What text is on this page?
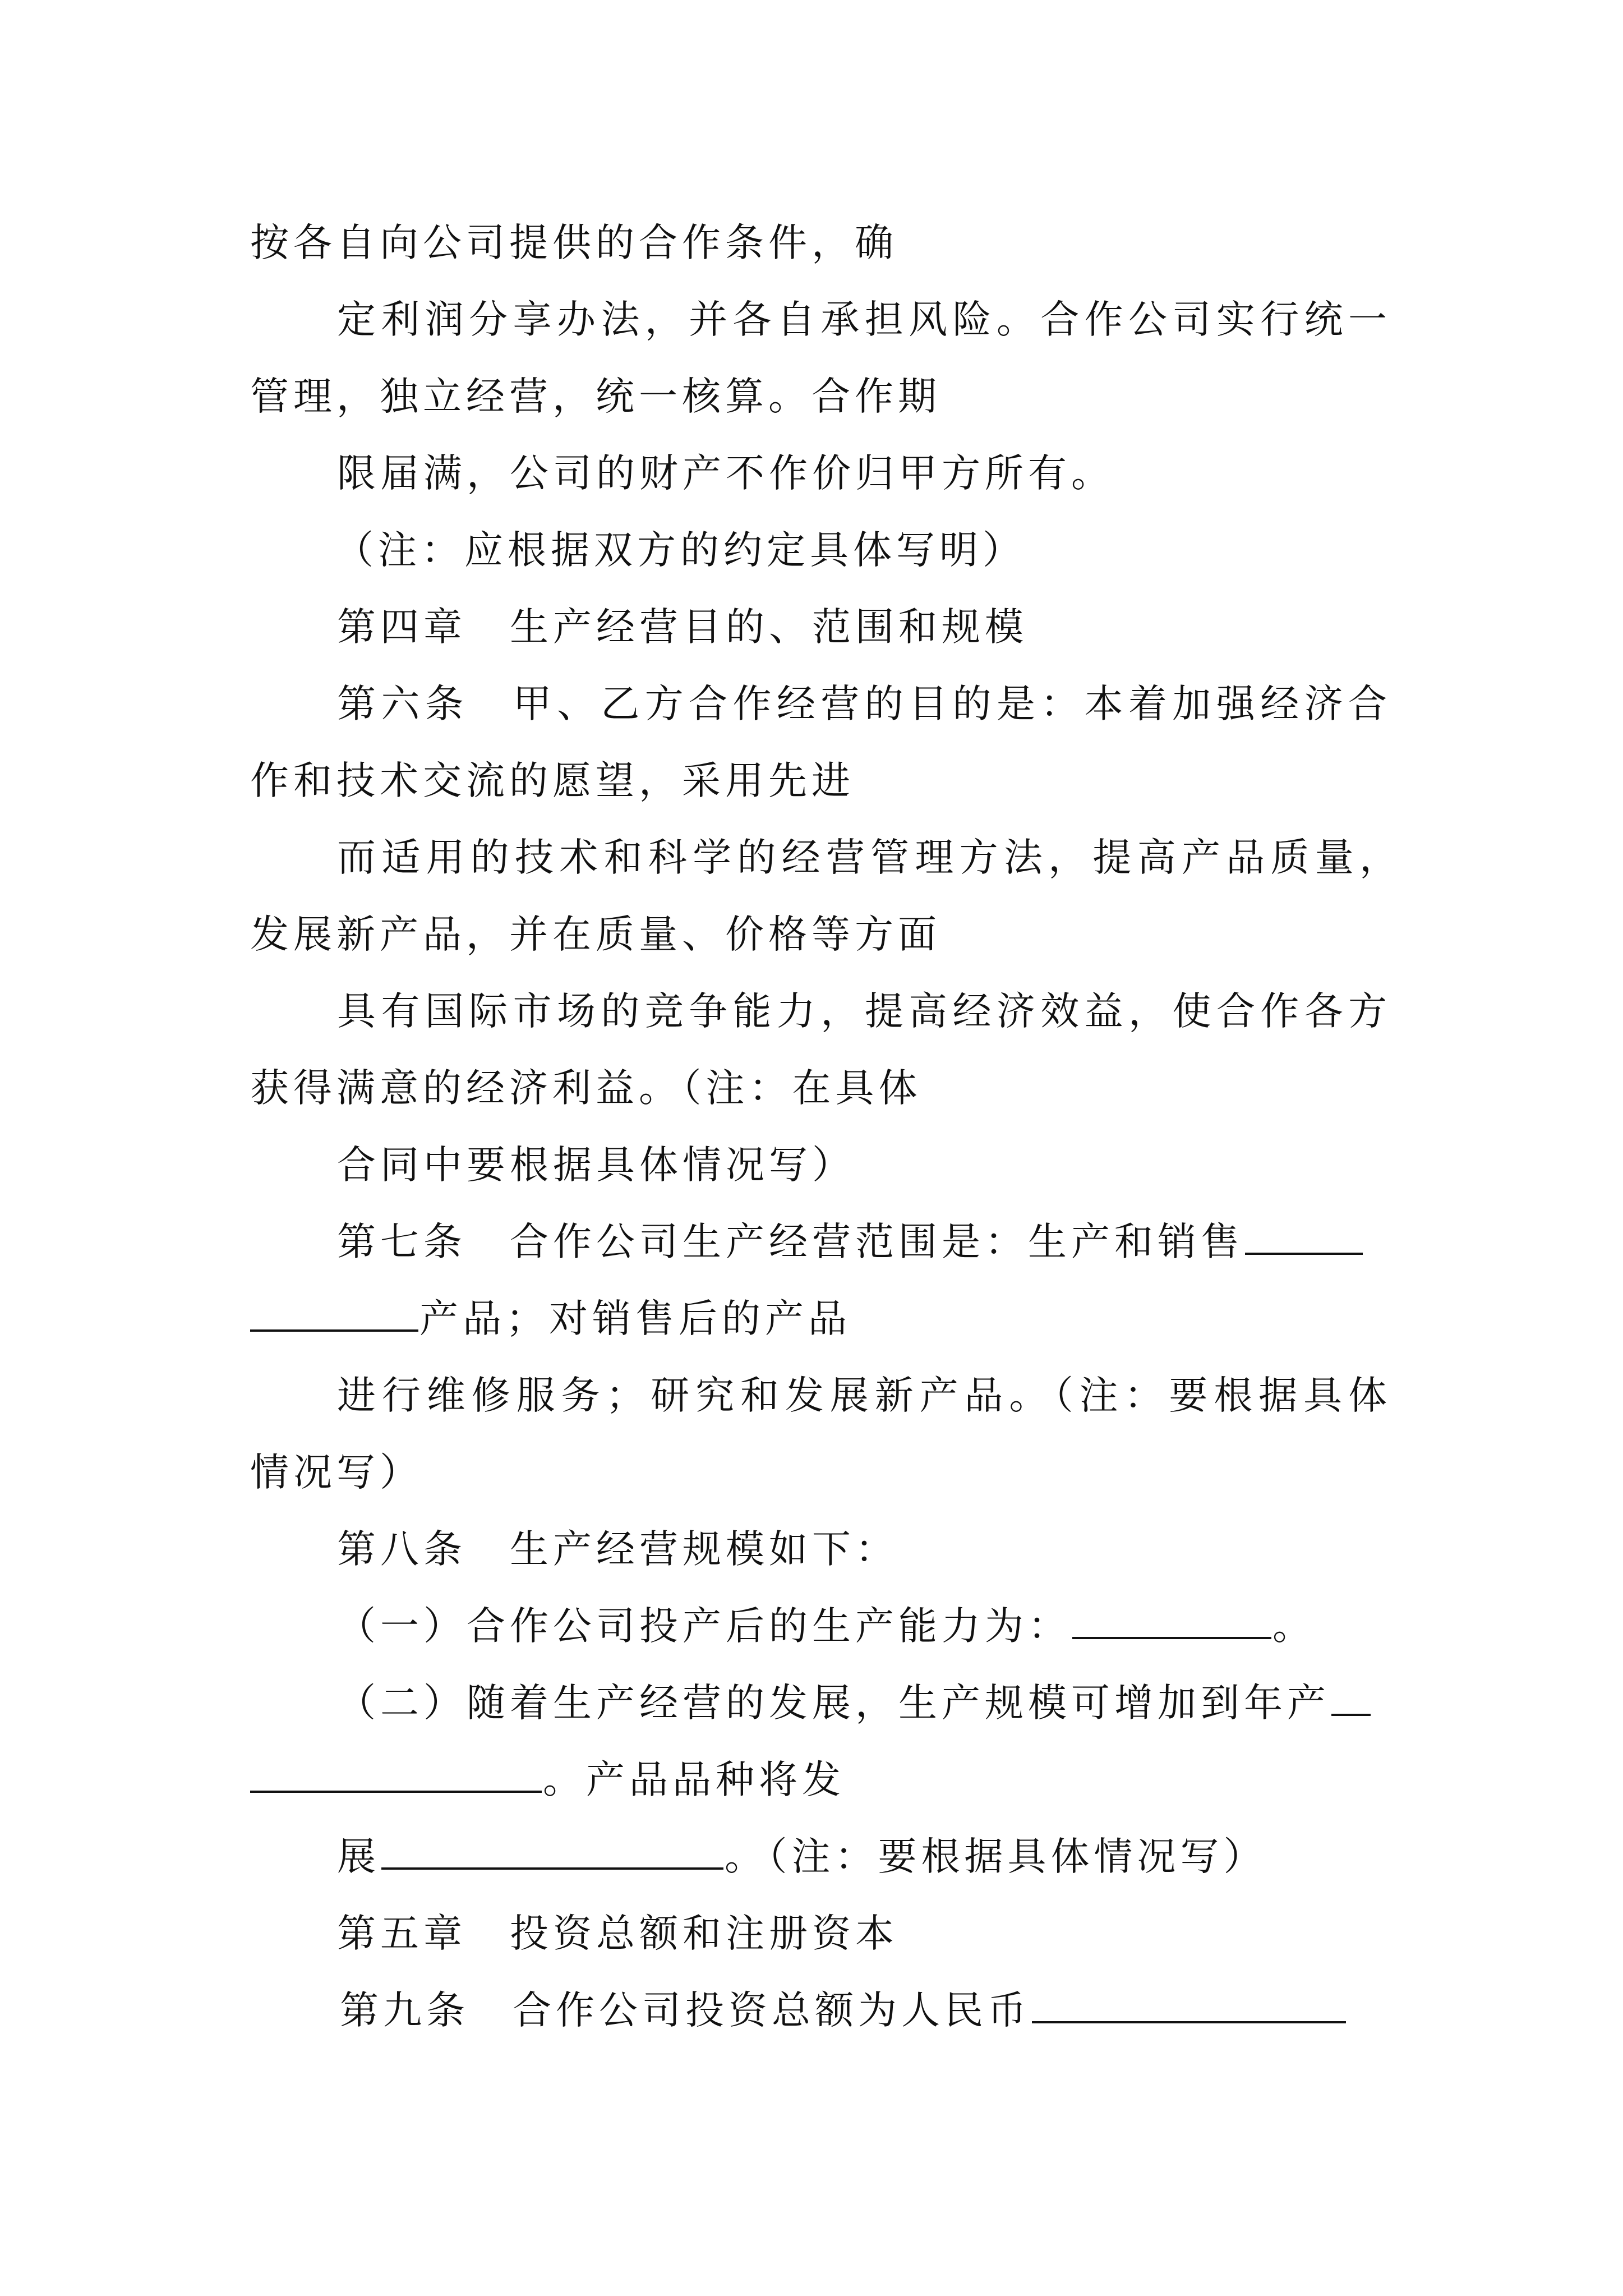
按各自向公司提供的合作条件，确
定利润分享办法，并各自承担风险。合作公司实行统一
管理，独立经营，统一核算。合作期
限届满，公司的财产不作价归甲方所有。
（注：应根据双方的约定具体写明）
第四章　生产经营目的、范围和规模
第六条　甲、乙方合作经营的目的是：本着加强经济合
作和技术交流的愿望，采用先进
而适用的技术和科学的经营管理方法，提高产品质量，
发展新产品，并在质量、价格等方面
具有国际市场的竞争能力，提高经济效益，使合作各方
获得满意的经济利益。（注：在具体
合同中要根据具体情况写）
第七条　合作公司生产经营范围是：生产和销售
产品；对销售后的产品
进行维修服务；研究和发展新产品。（注：要根据具体
情况写）
第八条　生产经营规模如下：
（一）合作公司投产后的生产能力为：	。
（二）随着生产经营的发展，生产规模可增加到年产
。产品品种将发
展	。（注：要根据具体情况写）
第五章　投资总额和注册资本
第九条　合作公司投资总额为人民币
